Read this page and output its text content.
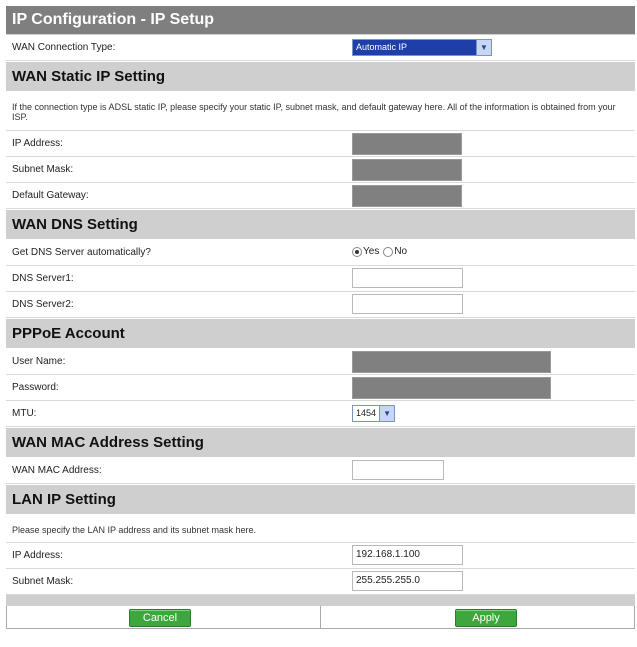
IP Configuration - IP Setup
WAN Connection Type:	Automatic IP	▼
WAN Static IP Setting
If the connection type is ADSL static IP, please specify your static IP, subnet mask, and default gateway here. All of the information is obtained from your ISP.
IP Address:
Subnet Mask:
Default Gateway:
WAN DNS Setting
Get DNS Server automatically?	Yes No
DNS Server1:
DNS Server2:
PPPoE Account
User Name:
Password:
MTU:	1454 ▼
WAN MAC Address Setting
WAN MAC Address:
LAN IP Setting
Please specify the LAN IP address and its subnet mask here.
IP Address:	192.168.1.100
Subnet Mask:	255.255.255.0
Cancel	Apply
